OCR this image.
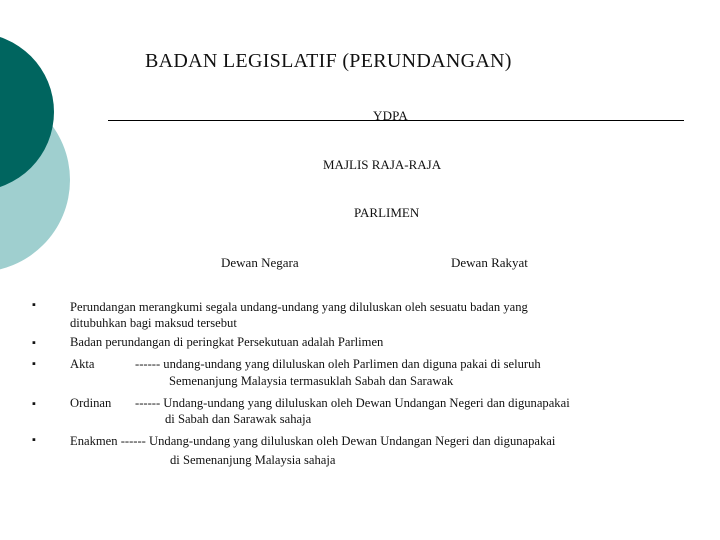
BADAN LEGISLATIF (PERUNDANGAN)
YDPA
MAJLIS RAJA-RAJA
PARLIMEN
Dewan Negara	Dewan Rakyat
▪	Perundangan merangkumi segala undang-undang yang diluluskan oleh sesuatu badan yang
ditubuhkan bagi maksud tersebut
▪	Badan perundangan di peringkat Persekutuan adalah Parlimen
▪	Akta	------ undang-undang yang diluluskan oleh Parlimen dan diguna pakai di seluruh
Semenanjung Malaysia termasuklah Sabah dan Sarawak
▪	Ordinan ------ Undang-undang yang diluluskan oleh Dewan Undangan Negeri dan digunapakai
di Sabah dan Sarawak sahaja
▪	Enakmen ------ Undang-undang yang diluluskan oleh Dewan Undangan Negeri dan digunapakai
di Semenanjung Malaysia sahaja
